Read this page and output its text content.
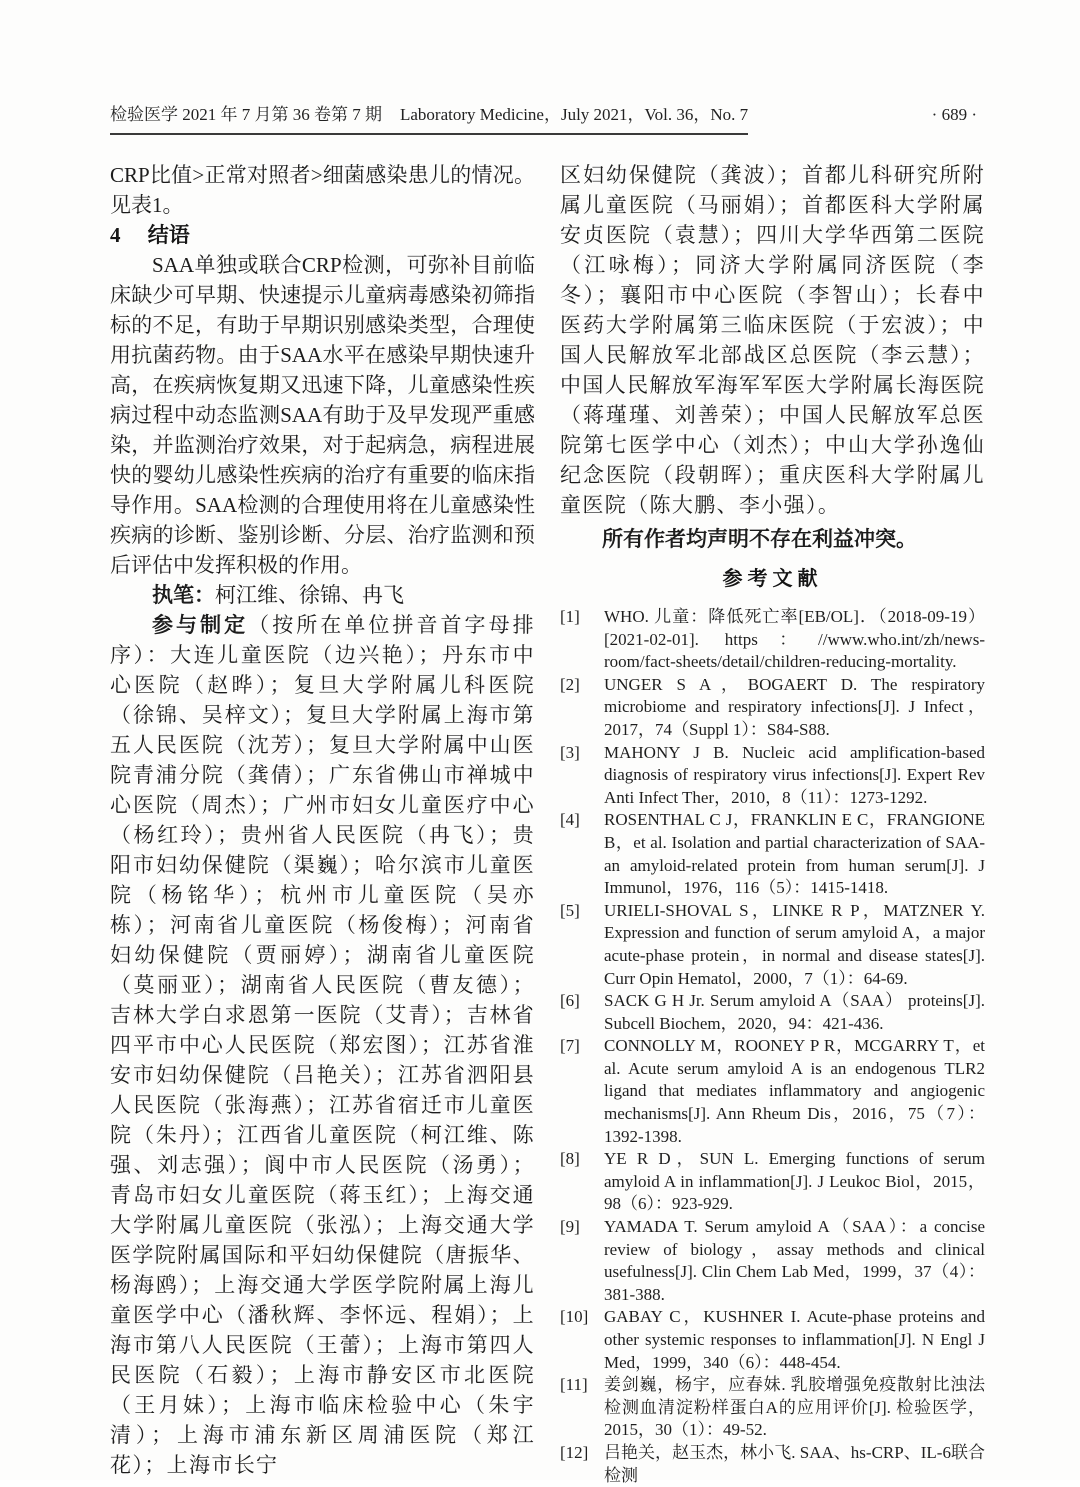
检验医学 2021 年 7 月第 36 卷第 7 期 Laboratory Medicine，July 2021，Vol. 36，No. 7	· 689 ·

CRP比值>正常对照者>细菌感染患儿的情况。见表1。

4 结语

SAA单独或联合CRP检测，可弥补目前临床缺少可早期、快速提示儿童病毒感染初筛指标的不足，有助于早期识别感染类型，合理使用抗菌药物。由于SAA水平在感染早期快速升高，在疾病恢复期又迅速下降，儿童感染性疾病过程中动态监测SAA有助于及早发现严重感染，并监测治疗效果，对于起病急，病程进展快的婴幼儿感染性疾病的治疗有重要的临床指导作用。SAA检测的合理使用将在儿童感染性疾病的诊断、鉴别诊断、分层、治疗监测和预后评估中发挥积极的作用。

执笔：柯江维、徐锦、冉飞

参与制定（按所在单位拼音首字母排序）：大连儿童医院（边兴艳）；丹东市中心医院（赵晔）；复旦大学附属儿科医院（徐锦、吴梓文）；复旦大学附属上海市第五人民医院（沈芳）；复旦大学附属中山医院青浦分院（龚倩）；广东省佛山市禅城中心医院（周杰）；广州市妇女儿童医疗中心（杨红玲）；贵州省人民医院（冉飞）；贵阳市妇幼保健院（渠巍）；哈尔滨市儿童医院（杨铭华）；杭州市儿童医院（吴亦栋）；河南省儿童医院（杨俊梅）；河南省妇幼保健院（贾丽婷）；湖南省儿童医院（莫丽亚）；湖南省人民医院（曹友德）；吉林大学白求恩第一医院（艾青）；吉林省四平市中心人民医院（郑宏图）；江苏省淮安市妇幼保健院（吕艳关）；江苏省泗阳县人民医院（张海燕）；江苏省宿迁市儿童医院（朱丹）；江西省儿童医院（柯江维、陈强、刘志强）；阆中市人民医院（汤勇）；青岛市妇女儿童医院（蒋玉红）；上海交通大学附属儿童医院（张泓）；上海交通大学医学院附属国际和平妇幼保健院（唐振华、杨海鸥）；上海交通大学医学院附属上海儿童医学中心（潘秋辉、李怀远、程娟）；上海市第八人民医院（王蕾）；上海市第四人民医院（石毅）；上海市静安区市北医院（王月妹）；上海市临床检验中心（朱宇清）；上海市浦东新区周浦医院（郑江花）；上海市长宁

区妇幼保健院（龚波）；首都儿科研究所附属儿童医院（马丽娟）；首都医科大学附属安贞医院（袁慧）；四川大学华西第二医院（江咏梅）；同济大学附属同济医院（李冬）；襄阳市中心医院（李智山）；长春中医药大学附属第三临床医院（于宏波）；中国人民解放军北部战区总医院（李云慧）；中国人民解放军海军军医大学附属长海医院（蒋瑾瑾、刘善荣）；中国人民解放军总医院第七医学中心（刘杰）；中山大学孙逸仙纪念医院（段朝晖）；重庆医科大学附属儿童医院（陈大鹏、李小强）。

所有作者均声明不存在利益冲突。

参考文献
[1]	WHO. 儿童：降低死亡率[EB/OL]．（2018-09-19）[2021-02-01]. https：//www.who.int/zh/news-room/fact-sheets/detail/children-reducing-mortality.
[2]	UNGER S A，BOGAERT D. The respiratory microbiome and respiratory infections[J]. J Infect，2017，74（Suppl 1）：S84-S88.
[3]	MAHONY J B. Nucleic acid amplification-based diagnosis of respiratory virus infections[J]. Expert Rev Anti Infect Ther，2010，8（11）：1273-1292.
[4]	ROSENTHAL C J，FRANKLIN E C，FRANGIONE B，et al. Isolation and partial characterization of SAA-an amyloid-related protein from human serum[J]. J Immunol，1976，116（5）：1415-1418.
[5]	URIELI-SHOVAL S，LINKE R P，MATZNER Y. Expression and function of serum amyloid A，a major acute-phase protein，in normal and disease states[J]. Curr Opin Hematol，2000，7（1）：64-69.
[6]	SACK G H Jr. Serum amyloid A（SAA） proteins[J]. Subcell Biochem，2020，94：421-436.
[7]	CONNOLLY M，ROONEY P R，MCGARRY T，et al. Acute serum amyloid A is an endogenous TLR2 ligand that mediates inflammatory and angiogenic mechanisms[J]. Ann Rheum Dis，2016，75（7）：1392-1398.
[8]	YE R D，SUN L. Emerging functions of serum amyloid A in inflammation[J]. J Leukoc Biol，2015，98（6）：923-929.
[9]	YAMADA T. Serum amyloid A（SAA）：a concise review of biology，assay methods and clinical usefulness[J]. Clin Chem Lab Med，1999，37（4）：381-388.
[10] GABAY C，KUSHNER I. Acute-phase proteins and other systemic responses to inflammation[J]. N Engl J Med，1999，340（6）：448-454.
[11] 姜剑巍，杨宇，应春妹. 乳胶增强免疫散射比浊法检测血清淀粉样蛋白A的应用评价[J]. 检验医学，2015，30（1）：49-52.
[12] 吕艳关，赵玉杰，林小飞. SAA、hs-CRP、IL-6联合检测
